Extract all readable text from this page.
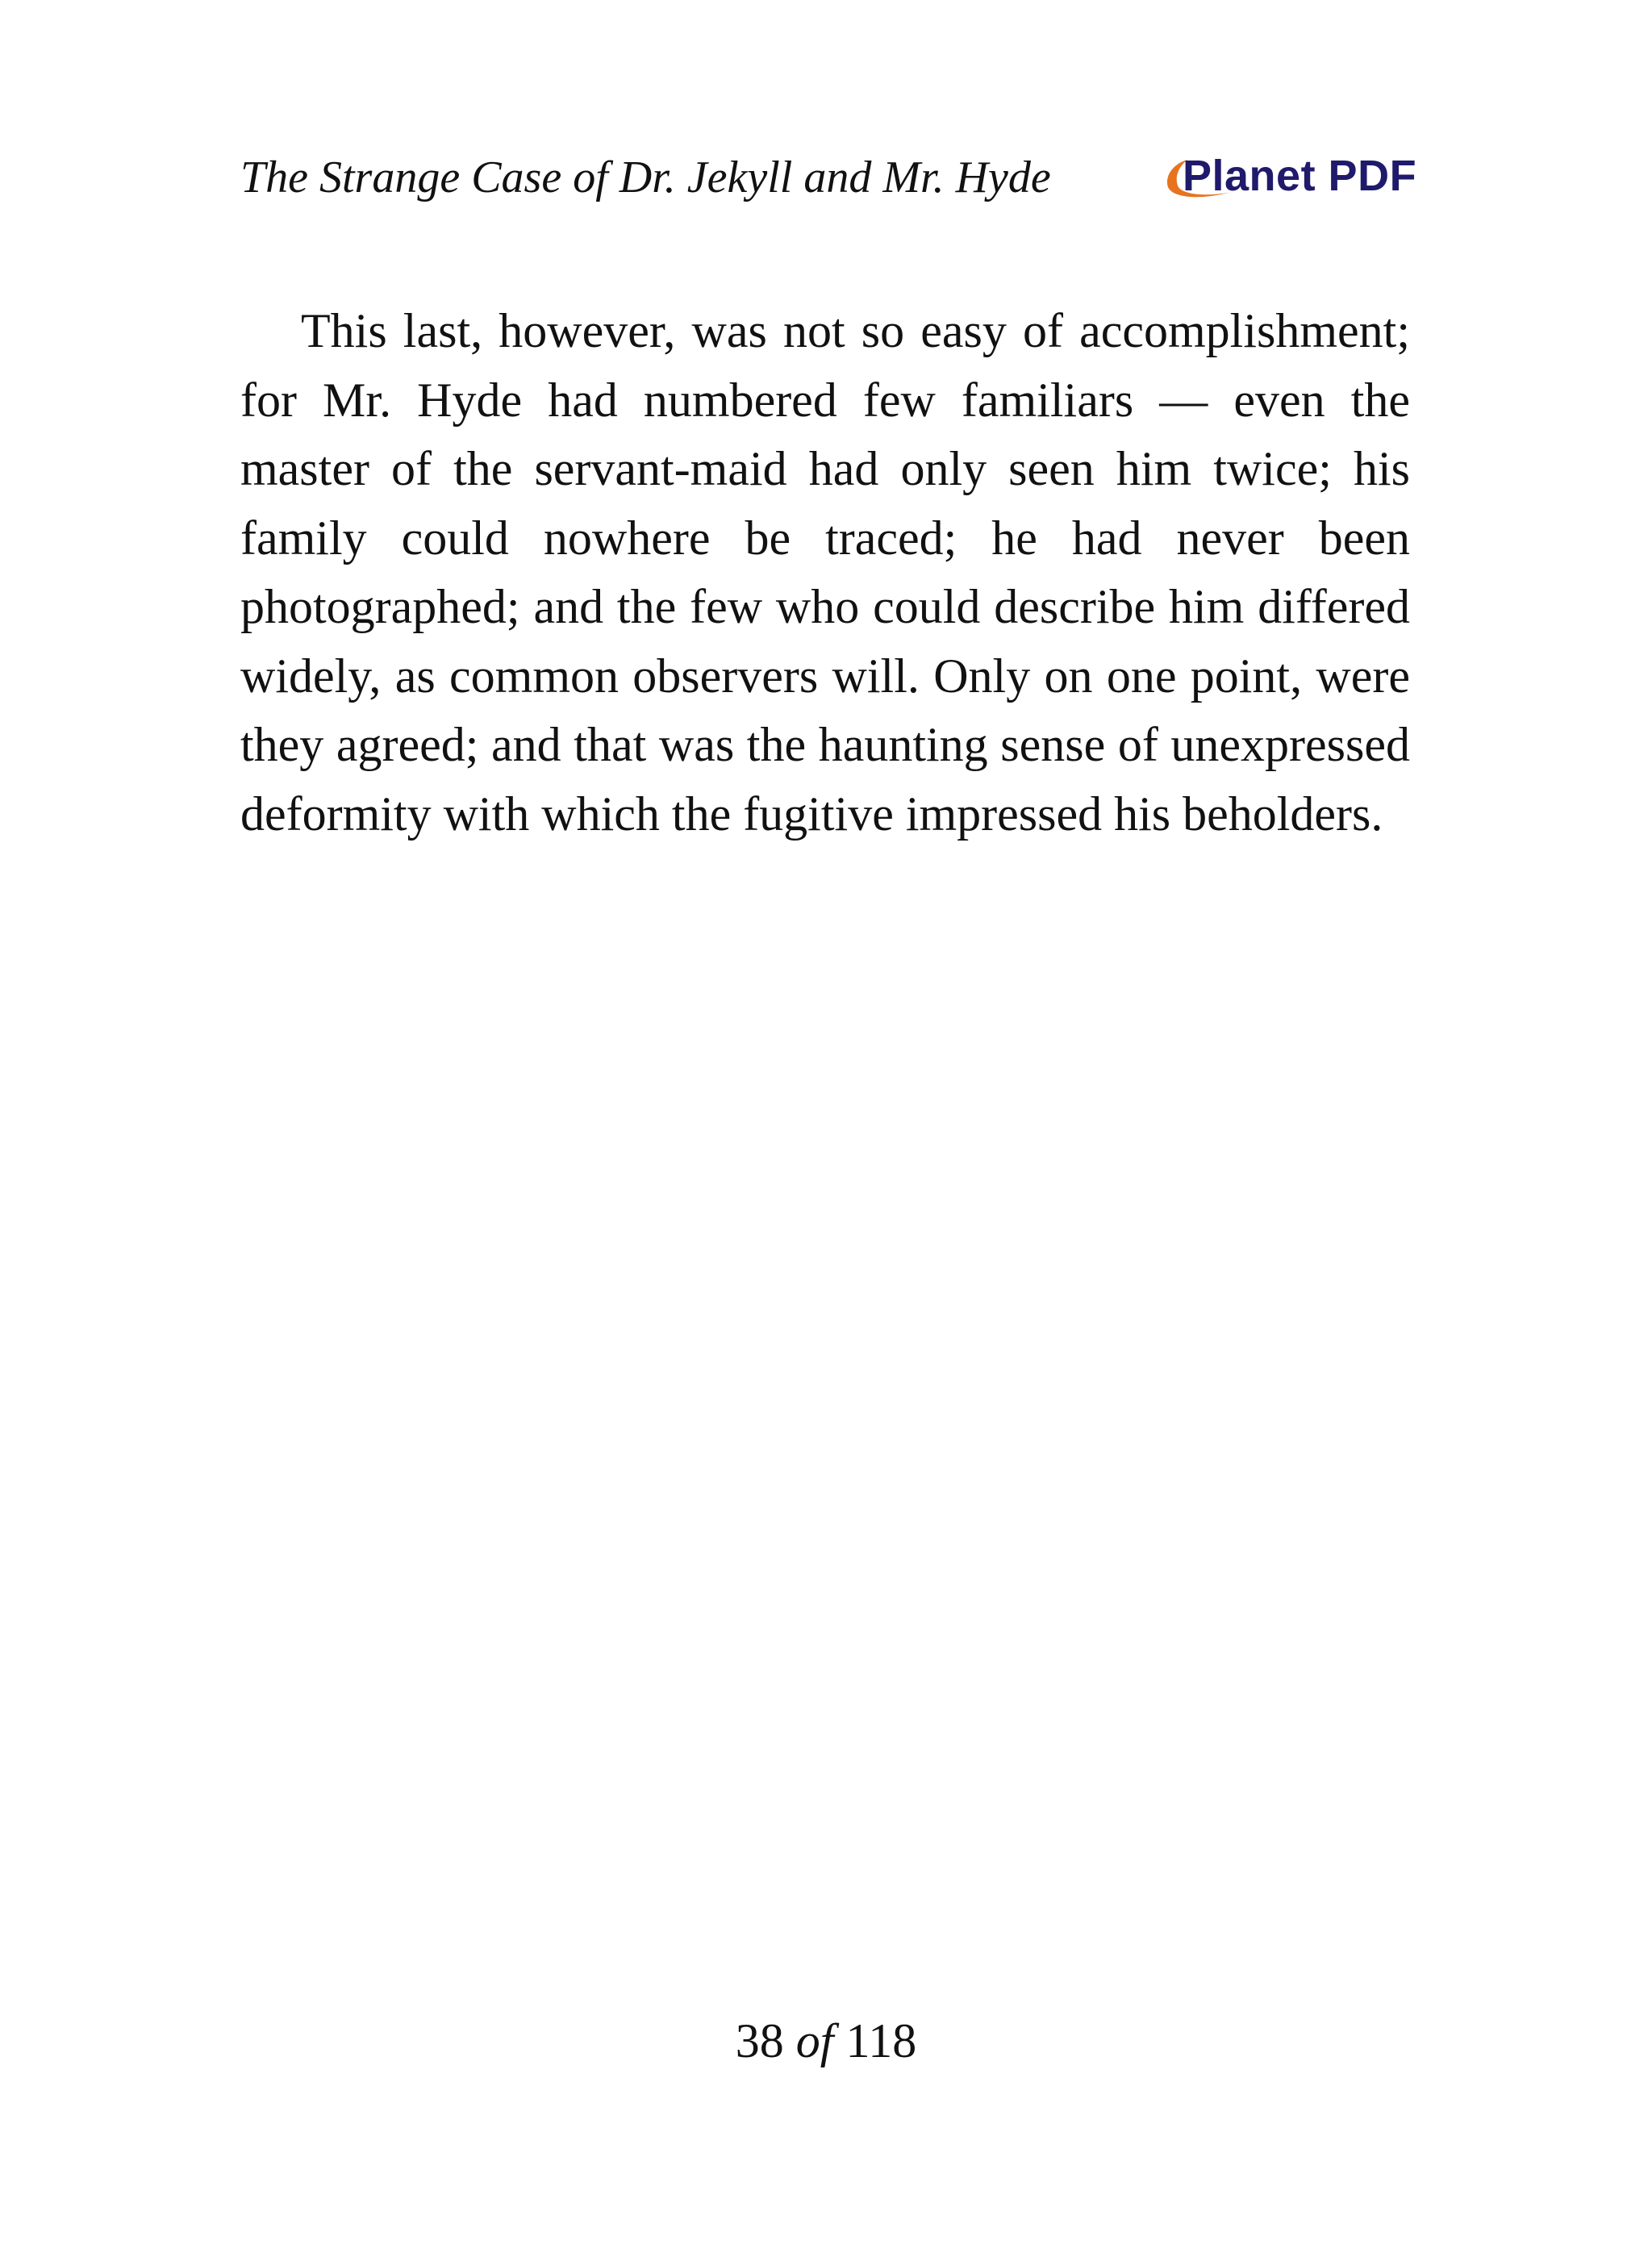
The Strange Case of Dr. Jekyll and Mr. Hyde	Planet PDF

This last, however, was not so easy of accomplishment; for Mr. Hyde had numbered few familiars — even the master of the servant-maid had only seen him twice; his family could nowhere be traced; he had never been photographed; and the few who could describe him differed widely, as common observers will. Only on one point, were they agreed; and that was the haunting sense of unexpressed deformity with which the fugitive impressed his beholders.

38 of 118
